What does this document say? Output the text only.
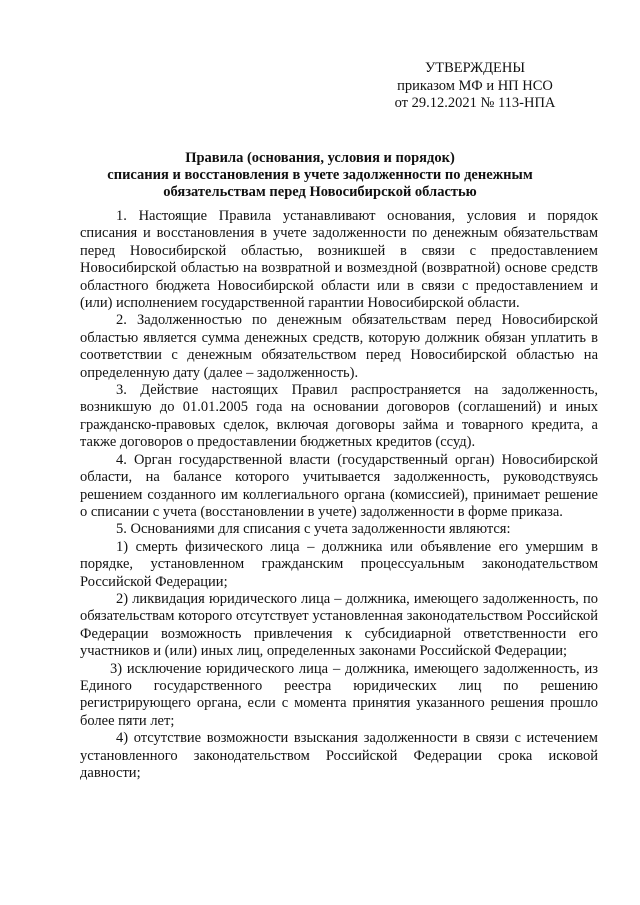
УТВЕРЖДЕНЫ
приказом МФ и НП НСО
от 29.12.2021 № 113-НПА
Правила (основания, условия и порядок)
списания и восстановления в учете задолженности по денежным
обязательствам перед Новосибирской областью

1. Настоящие Правила устанавливают основания, условия и порядок списания и восстановления в учете задолженности по денежным обязательствам перед Новосибирской областью, возникшей в связи с предоставлением Новосибирской областью на возвратной и возмездной (возвратной) основе средств областного бюджета Новосибирской области или в связи с предоставлением и (или) исполнением государственной гарантии Новосибирской области.

2. Задолженностью по денежным обязательствам перед Новосибирской областью является сумма денежных средств, которую должник обязан уплатить в соответствии с денежным обязательством перед Новосибирской областью на определенную дату (далее – задолженность).

3. Действие настоящих Правил распространяется на задолженность, возникшую до 01.01.2005 года на основании договоров (соглашений) и иных гражданско-правовых сделок, включая договоры займа и товарного кредита, а также договоров о предоставлении бюджетных кредитов (ссуд).

4. Орган государственной власти (государственный орган) Новосибирской области, на балансе которого учитывается задолженность, руководствуясь решением созданного им коллегиального органа (комиссией), принимает решение о списании с учета (восстановлении в учете) задолженности в форме приказа.

5. Основаниями для списания с учета задолженности являются:

1) смерть физического лица – должника или объявление его умершим в порядке, установленном гражданским процессуальным законодательством Российской Федерации;

2) ликвидация юридического лица – должника, имеющего задолженность, по обязательствам которого отсутствует установленная законодательством Российской Федерации возможность привлечения к субсидиарной ответственности его участников и (или) иных лиц, определенных законами Российской Федерации;

3) исключение юридического лица – должника, имеющего задолженность, из Единого государственного реестра юридических лиц по решению регистрирующего органа, если с момента принятия указанного решения прошло более пяти лет;

4) отсутствие возможности взыскания задолженности в связи с истечением установленного законодательством Российской Федерации срока исковой давности;
